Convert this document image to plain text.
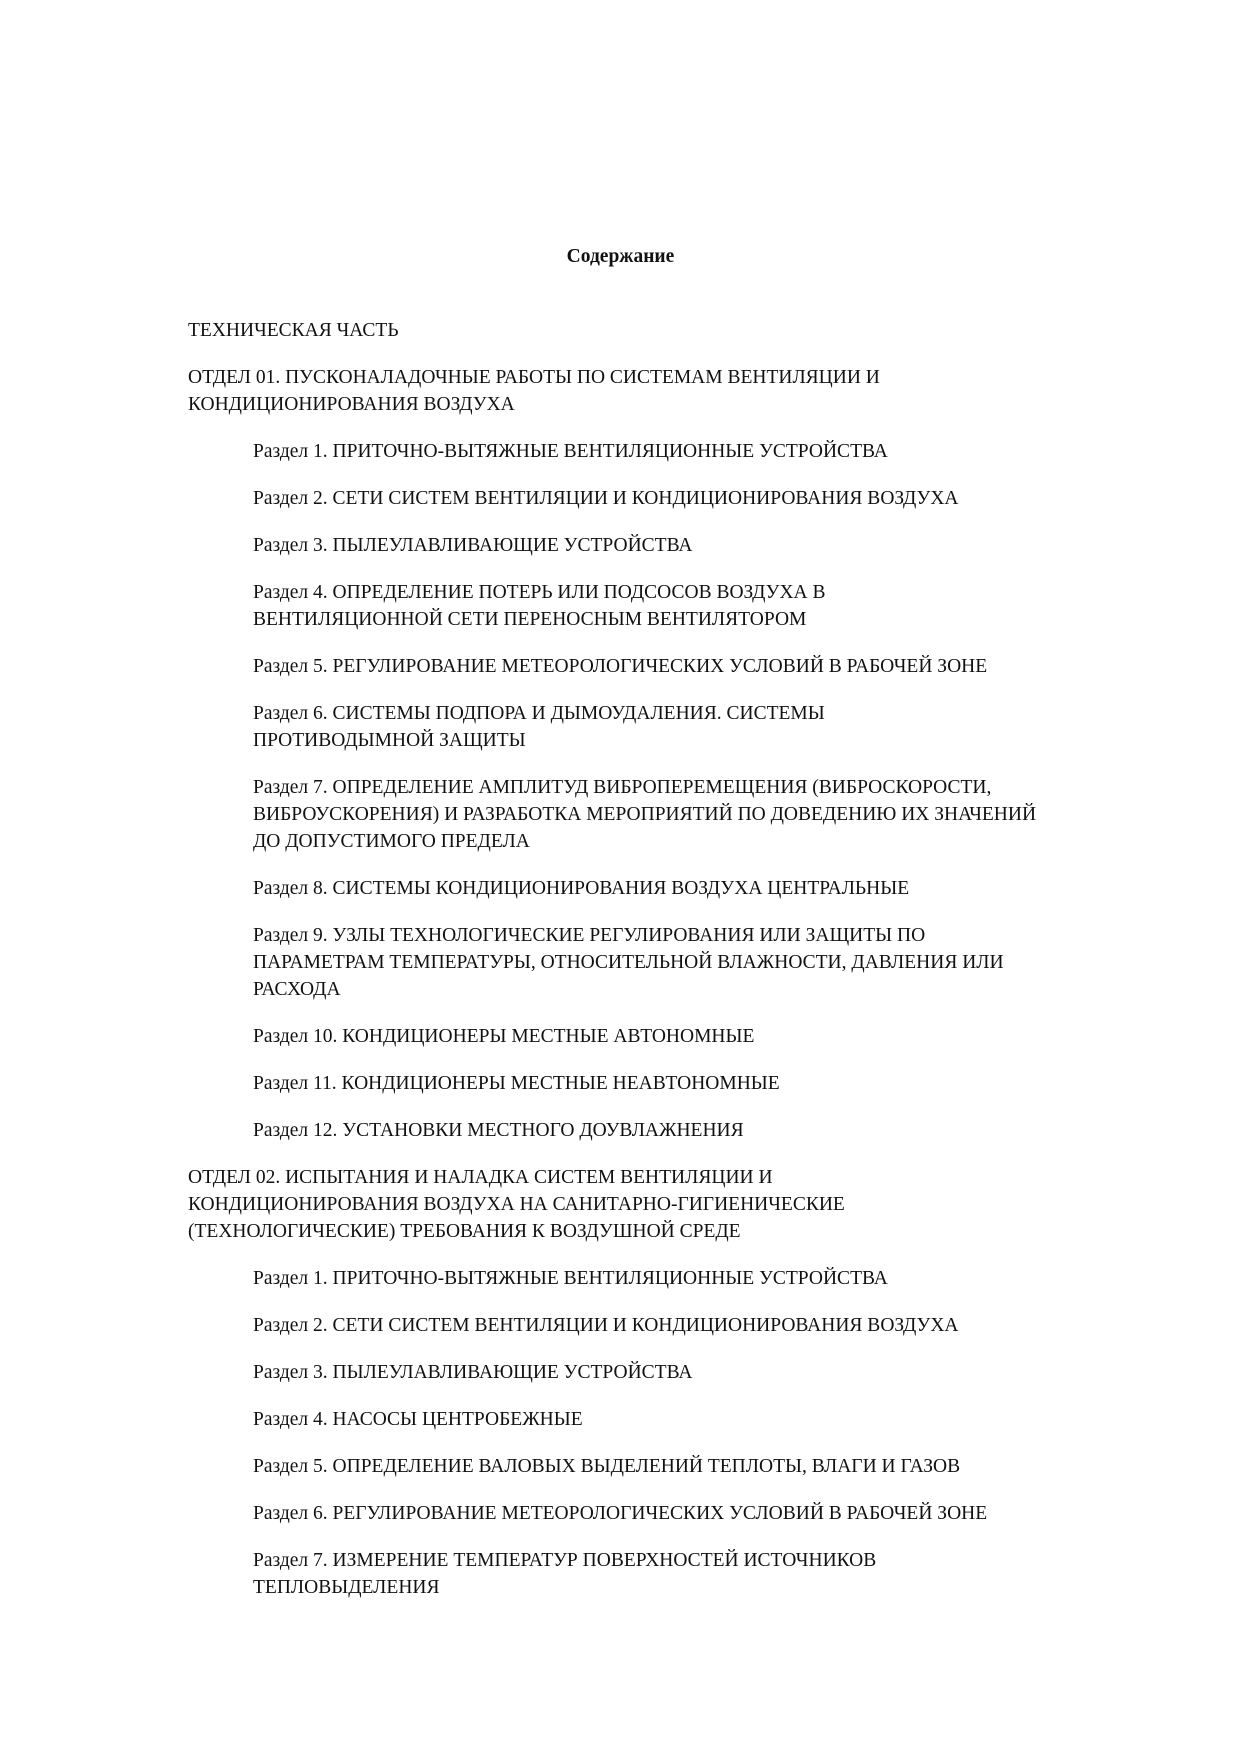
Содержание
ТЕХНИЧЕСКАЯ ЧАСТЬ
ОТДЕЛ 01. ПУСКОНАЛАДОЧНЫЕ РАБОТЫ ПО СИСТЕМАМ ВЕНТИЛЯЦИИ И
КОНДИЦИОНИРОВАНИЯ ВОЗДУХА
Раздел 1. ПРИТОЧНО-ВЫТЯЖНЫЕ ВЕНТИЛЯЦИОННЫЕ УСТРОЙСТВА
Раздел 2. СЕТИ СИСТЕМ ВЕНТИЛЯЦИИ И КОНДИЦИОНИРОВАНИЯ ВОЗДУХА
Раздел 3. ПЫЛЕУЛАВЛИВАЮЩИЕ УСТРОЙСТВА
Раздел 4. ОПРЕДЕЛЕНИЕ ПОТЕРЬ ИЛИ ПОДСОСОВ ВОЗДУХА В
ВЕНТИЛЯЦИОННОЙ СЕТИ ПЕРЕНОСНЫМ ВЕНТИЛЯТОРОМ
Раздел 5. РЕГУЛИРОВАНИЕ МЕТЕОРОЛОГИЧЕСКИХ УСЛОВИЙ В РАБОЧЕЙ ЗОНЕ
Раздел 6. СИСТЕМЫ ПОДПОРА И ДЫМОУДАЛЕНИЯ. СИСТЕМЫ
ПРОТИВОДЫМНОЙ ЗАЩИТЫ
Раздел 7. ОПРЕДЕЛЕНИЕ АМПЛИТУД ВИБРОПЕРЕМЕЩЕНИЯ (ВИБРОСКОРОСТИ,
ВИБРОУСКОРЕНИЯ) И РАЗРАБОТКА МЕРОПРИЯТИЙ ПО ДОВЕДЕНИЮ ИХ ЗНАЧЕНИЙ
ДО ДОПУСТИМОГО ПРЕДЕЛА
Раздел 8. СИСТЕМЫ КОНДИЦИОНИРОВАНИЯ ВОЗДУХА ЦЕНТРАЛЬНЫЕ
Раздел 9. УЗЛЫ ТЕХНОЛОГИЧЕСКИЕ РЕГУЛИРОВАНИЯ ИЛИ ЗАЩИТЫ ПО
ПАРАМЕТРАМ ТЕМПЕРАТУРЫ, ОТНОСИТЕЛЬНОЙ ВЛАЖНОСТИ, ДАВЛЕНИЯ ИЛИ
РАСХОДА
Раздел 10. КОНДИЦИОНЕРЫ МЕСТНЫЕ АВТОНОМНЫЕ
Раздел 11. КОНДИЦИОНЕРЫ МЕСТНЫЕ НЕАВТОНОМНЫЕ
Раздел 12. УСТАНОВКИ МЕСТНОГО ДОУВЛАЖНЕНИЯ
ОТДЕЛ 02. ИСПЫТАНИЯ И НАЛАДКА СИСТЕМ ВЕНТИЛЯЦИИ И
КОНДИЦИОНИРОВАНИЯ ВОЗДУХА НА САНИТАРНО-ГИГИЕНИЧЕСКИЕ
(ТЕХНОЛОГИЧЕСКИЕ) ТРЕБОВАНИЯ К ВОЗДУШНОЙ СРЕДЕ
Раздел 1. ПРИТОЧНО-ВЫТЯЖНЫЕ ВЕНТИЛЯЦИОННЫЕ УСТРОЙСТВА
Раздел 2. СЕТИ СИСТЕМ ВЕНТИЛЯЦИИ И КОНДИЦИОНИРОВАНИЯ ВОЗДУХА
Раздел 3. ПЫЛЕУЛАВЛИВАЮЩИЕ УСТРОЙСТВА
Раздел 4. НАСОСЫ ЦЕНТРОБЕЖНЫЕ
Раздел 5. ОПРЕДЕЛЕНИЕ ВАЛОВЫХ ВЫДЕЛЕНИЙ ТЕПЛОТЫ, ВЛАГИ И ГАЗОВ
Раздел 6. РЕГУЛИРОВАНИЕ МЕТЕОРОЛОГИЧЕСКИХ УСЛОВИЙ В РАБОЧЕЙ ЗОНЕ
Раздел 7. ИЗМЕРЕНИЕ ТЕМПЕРАТУР ПОВЕРХНОСТЕЙ ИСТОЧНИКОВ
ТЕПЛОВЫДЕЛЕНИЯ
